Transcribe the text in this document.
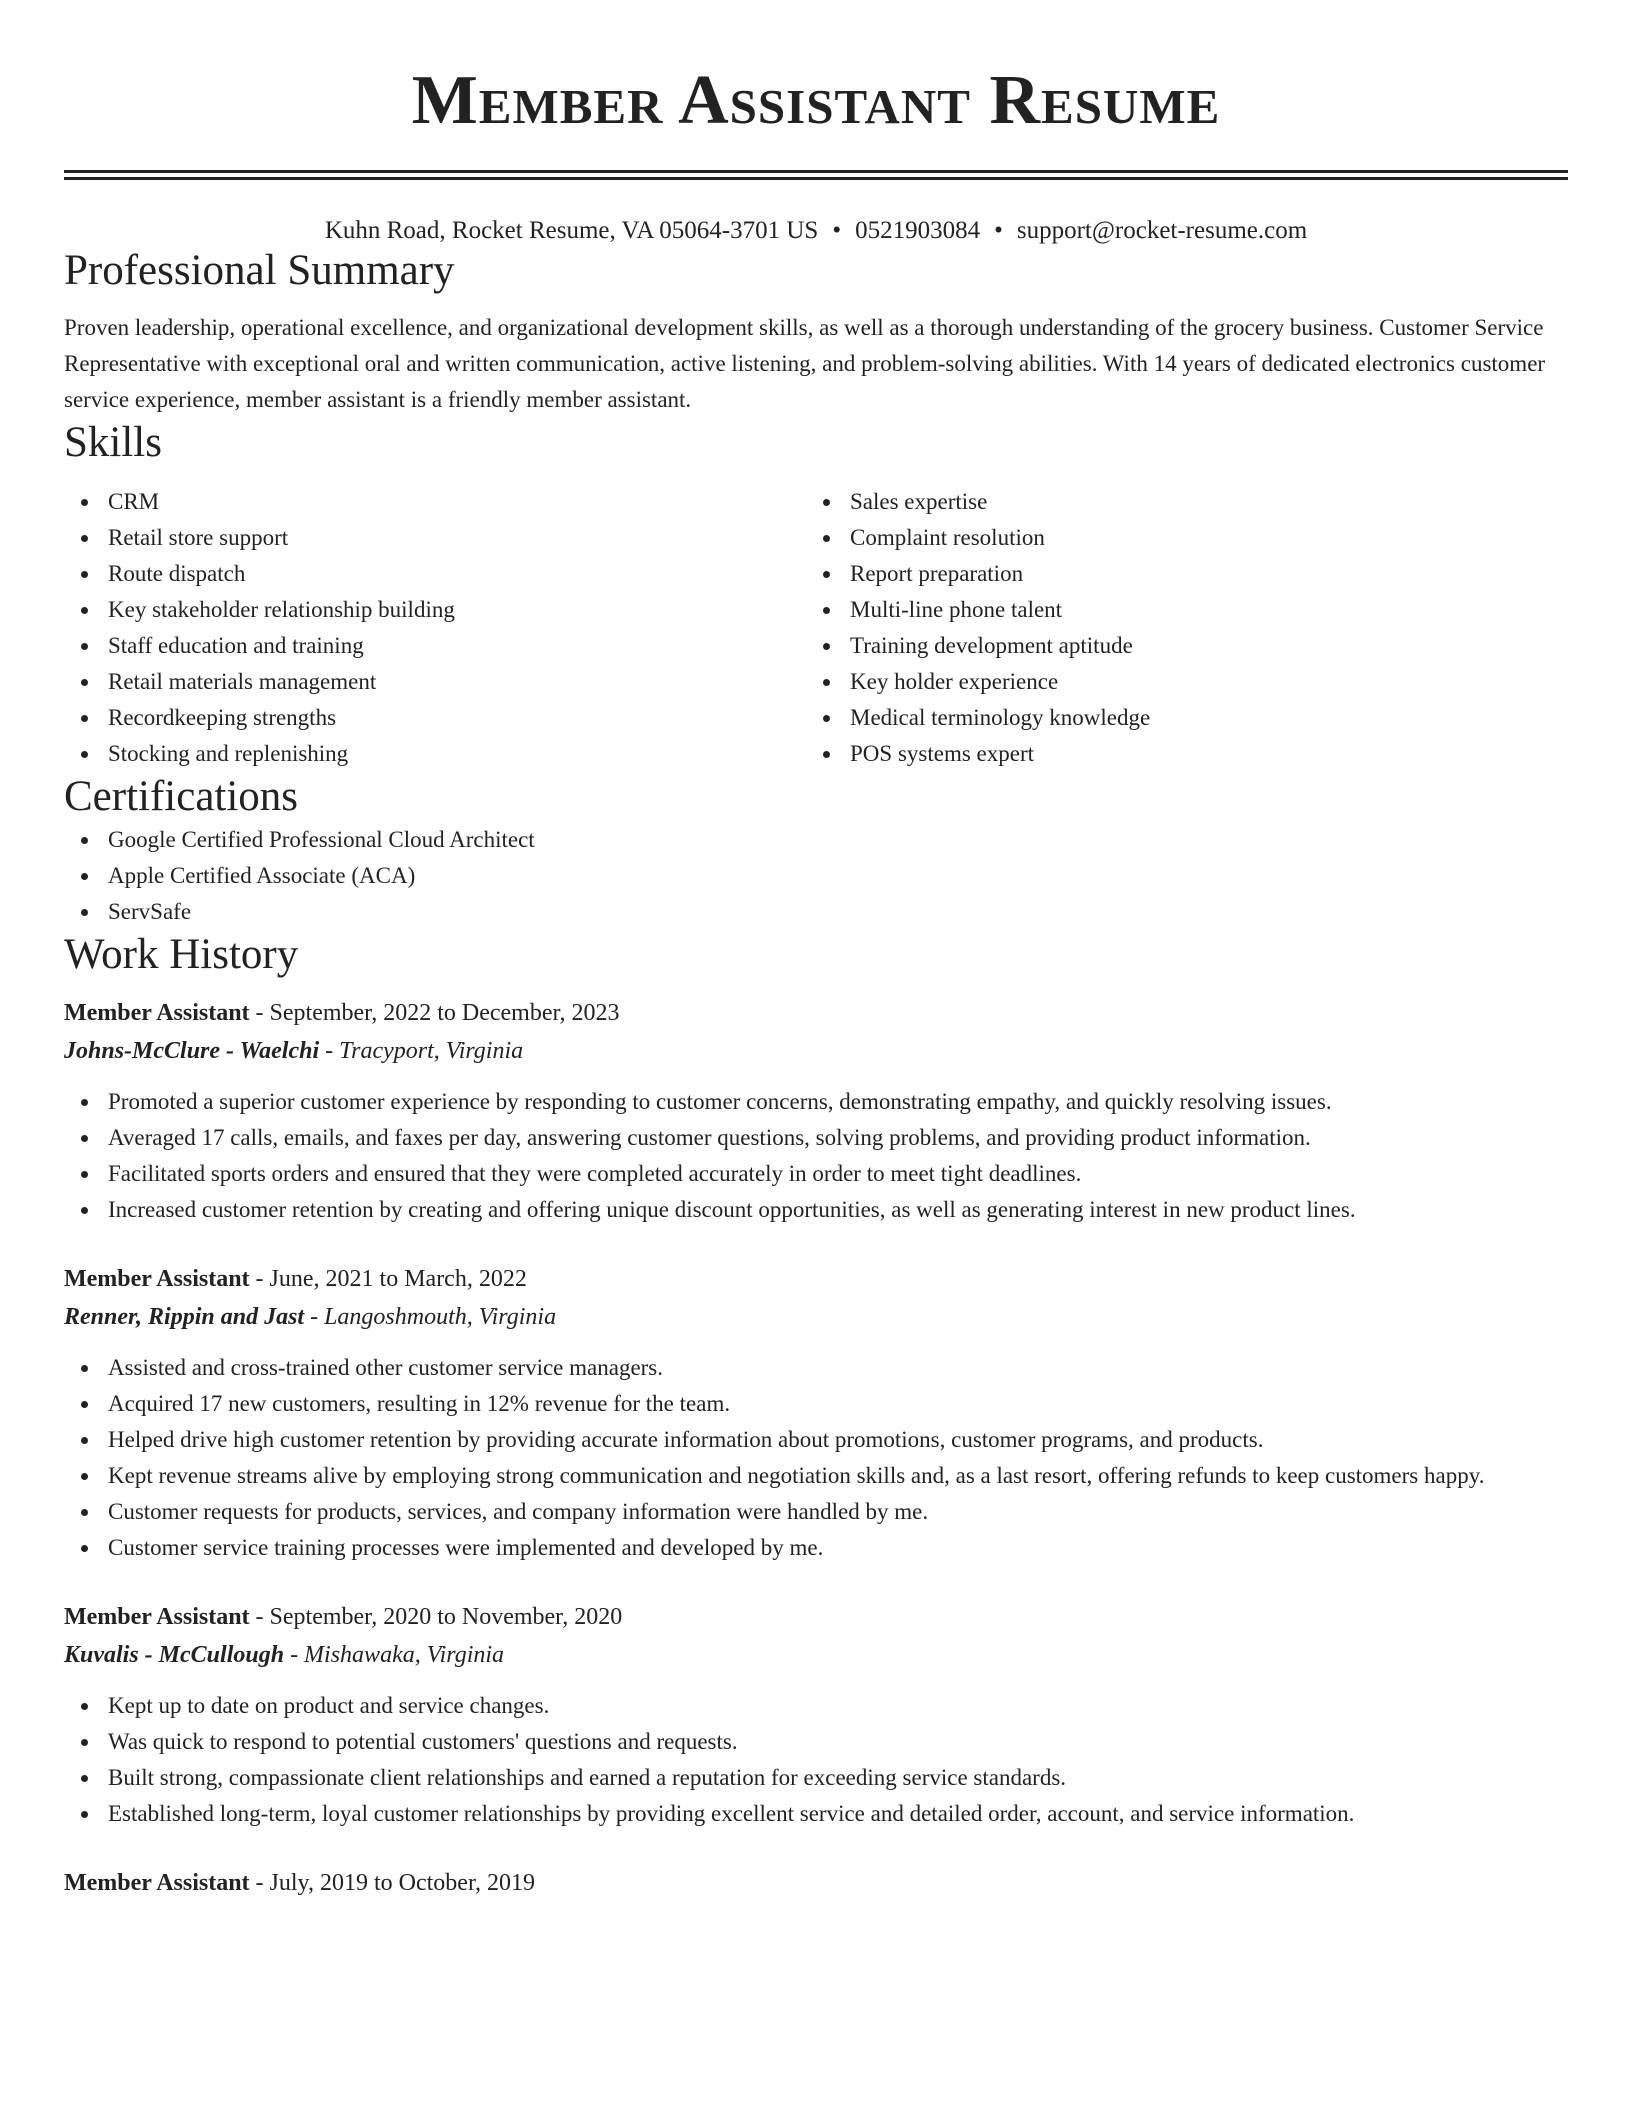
Member Assistant Resume
Kuhn Road, Rocket Resume, VA 05064-3701 US • 0521903084 • support@rocket-resume.com
Professional Summary

Proven leadership, operational excellence, and organizational development skills, as well as a thorough understanding of the grocery business. Customer Service Representative with exceptional oral and written communication, active listening, and problem-solving abilities. With 14 years of dedicated electronics customer service experience, member assistant is a friendly member assistant.

Skills
CRM
Retail store support
Route dispatch
Key stakeholder relationship building
Staff education and training
Retail materials management
Recordkeeping strengths
Stocking and replenishing
Sales expertise
Complaint resolution
Report preparation
Multi-line phone talent
Training development aptitude
Key holder experience
Medical terminology knowledge
POS systems expert
Certifications
Google Certified Professional Cloud Architect
Apple Certified Associate (ACA)
ServSafe
Work History
Member Assistant - September, 2022 to December, 2023
Johns-McClure - Waelchi - Tracyport, Virginia
Promoted a superior customer experience by responding to customer concerns, demonstrating empathy, and quickly resolving issues.
Averaged 17 calls, emails, and faxes per day, answering customer questions, solving problems, and providing product information.
Facilitated sports orders and ensured that they were completed accurately in order to meet tight deadlines.
Increased customer retention by creating and offering unique discount opportunities, as well as generating interest in new product lines.
Member Assistant - June, 2021 to March, 2022
Renner, Rippin and Jast - Langoshmouth, Virginia
Assisted and cross-trained other customer service managers.
Acquired 17 new customers, resulting in 12% revenue for the team.
Helped drive high customer retention by providing accurate information about promotions, customer programs, and products.
Kept revenue streams alive by employing strong communication and negotiation skills and, as a last resort, offering refunds to keep customers happy.
Customer requests for products, services, and company information were handled by me.
Customer service training processes were implemented and developed by me.
Member Assistant - September, 2020 to November, 2020
Kuvalis - McCullough - Mishawaka, Virginia
Kept up to date on product and service changes.
Was quick to respond to potential customers' questions and requests.
Built strong, compassionate client relationships and earned a reputation for exceeding service standards.
Established long-term, loyal customer relationships by providing excellent service and detailed order, account, and service information.
Member Assistant - July, 2019 to October, 2019
